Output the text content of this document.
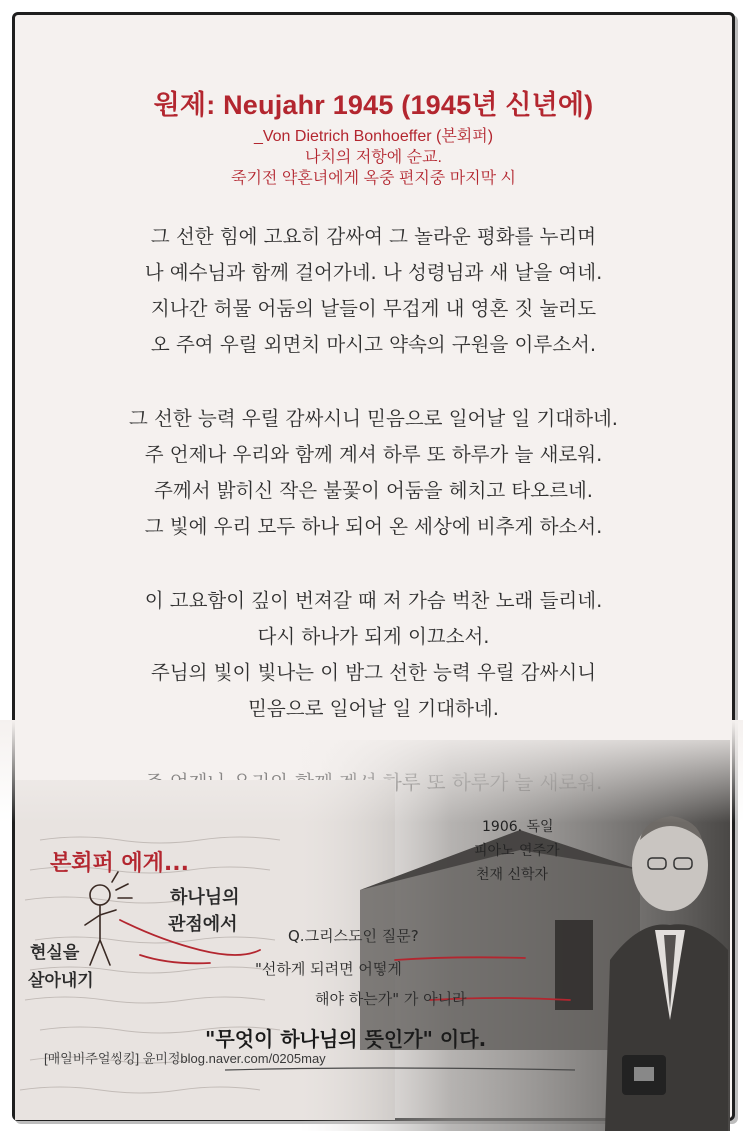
원제: Neujahr 1945 (1945년 신년에)
_Von Dietrich Bonhoeffer (본회퍼)
나치의 저항에 순교.
죽기전 약혼녀에게 옥중 편지중 마지막 시
그 선한 힘에 고요히 감싸여 그 놀라운 평화를 누리며
나 예수님과 함께 걸어가네. 나 성령님과 새 날을 여네.
지나간 허물 어둠의 날들이 무겁게 내 영혼 짓 눌러도
오 주여 우릴 외면치 마시고 약속의 구원을 이루소서.
그 선한 능력 우릴 감싸시니 믿음으로 일어날 일 기대하네.
주 언제나 우리와 함께 계셔 하루 또 하루가 늘 새로워.
주께서 밝히신 작은 불꽃이 어둠을 헤치고 타오르네.
그 빛에 우리 모두 하나 되어 온 세상에 비추게 하소서.
이 고요함이 깊이 번져갈 때 저 가슴 벅찬 노래 들리네.
다시 하나가 되게 이끄소서.
주님의 빛이 빛나는 이 밤그 선한 능력 우릴 감싸시니
믿음으로 일어날 일 기대하네.
본회퍼 에게...
하나님의
관점에서
현실을
살아내기
1906. 독일
피아노 연주가
천재 신학자
Q.그리스도인 질문?
"선하게 되려면 어떻게
해야 하는가" 가 아니라
"무엇이 하나님의 뜻인가" 이다.
[매일비주얼씽킹] 윤미정blog.naver.com/0205may
